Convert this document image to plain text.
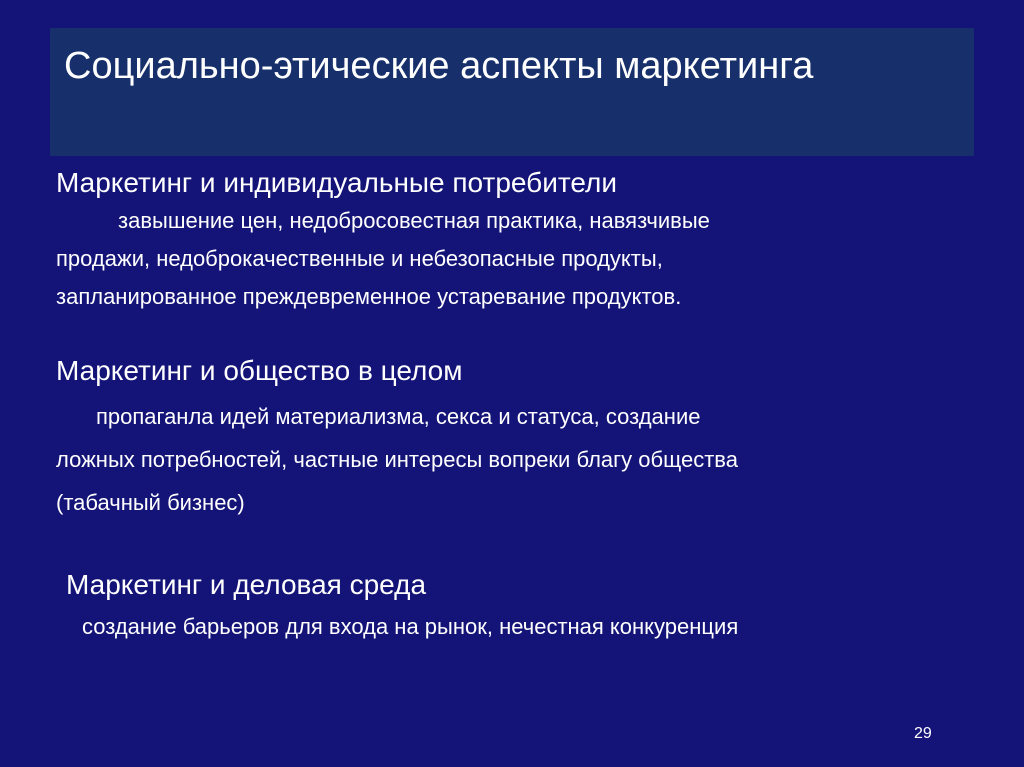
Социально-этические аспекты маркетинга
Маркетинг и индивидуальные потребители
завышение цен, недобросовестная практика, навязчивые
продажи, недоброкачественные и небезопасные продукты,
запланированное преждевременное устаревание продуктов.
Маркетинг и общество в целом
пропаганла идей материализма, секса и статуса, создание
ложных потребностей, частные интересы вопреки благу общества
(табачный бизнес)
Маркетинг и деловая среда
создание барьеров для входа на рынок, нечестная конкуренция
29
